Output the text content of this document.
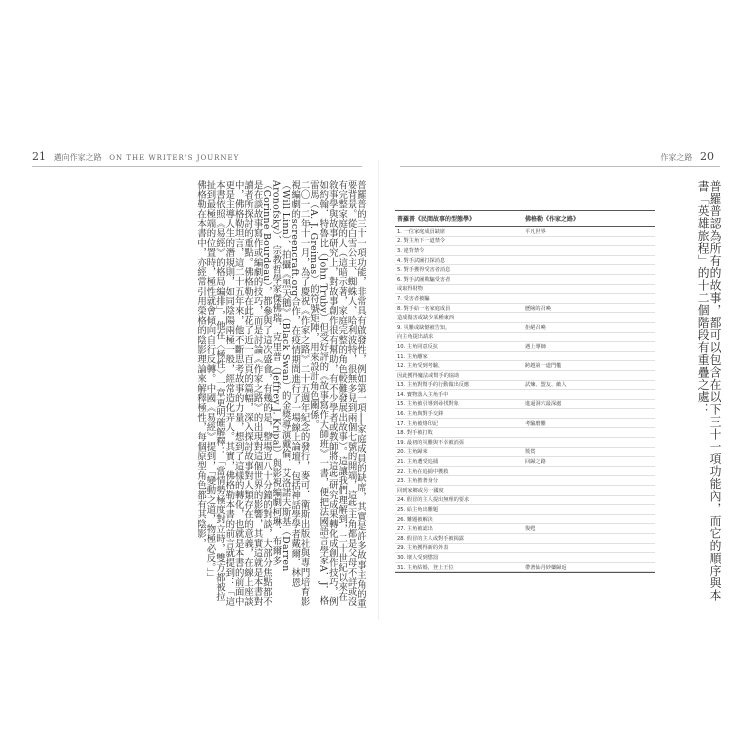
21 邁向作家之路 ON THE WRITER'S JOURNEY
普羅普的三十一項功能，非常具有啟發性，例如第一項──家庭成員的缺席，其實是許多故事主角的重要背景。從白雪公主、蜘蛛人、哈利波特，很無多見到兩個七號的開端，這些主角都是父母不詳或沒有完整家庭的人（這暗示著，家庭完整的角色較難發展出故事）。這讓我們理解到，二十世紀以來在敘事學與故事研究上，對故事創作很有幫助，有不少學者或教師將這些研究成果轉化成創作技巧，例如約翰．特魯比（John Truby）但受好評的《故事寫作大師班》一書，便把法國語言學家A．J．格雷馬（A. J. Greimas）的符號矩陣，用來設計角色關係。
二〇一二年十一月，為了慶祝《作家之路》二十五週年紀念的發行，麥可．衛斯出版社與專門培育影視編劇的screencraft.org合作，在疫情期間進行了一場線上論壇，包括神話學學者戴爾．林恩（Will Linn）、拍攝《黑天鵝》（Black Swan）的金獎導演戴倫．艾洛諾夫斯基（Darren Aronofsky）、宗教哲學家傑佛瑞．克里普（Jeffrey J. Kripal）與影視編劇柯琳．布爾多（Corinne Bourdeau），都參與了這次盛會，有幾的是，整場近八十分鐘的對談，大部分焦點都不是在談故事寫作或編劇的技巧，而是討論《作家之路》的出現對這個世界的影響，其實這就是本書對讀者所探討的重點。佛格勒在此花了近一百頁的篇幅，深入探討故事對人類存在的意義，在線上座談中，佛格勒坦言，這二十五年來，他不斷思考故事的力量，想到了這樣的轉化，也就是本書的前面中更是主導人生的潛規則，如同陰陽兩極一般，經常造化弄人。其實，佛格勒本書的前言就提到：「這本書依照《易經》的格局編排」，他在〈極性〉一章更明確解釋：「當情勢極度對立時，雙方都被拉扯到最極端的位置時，極性就會傾向自行反轉。中國《易經》提到，「變動之道，物極必反。」」
佛格勒在本書中，亦經常引用榮格的陰影理論來解釋極性，每個原型角色都有其陰影，
作家之路 20
普羅普認為所有的故事，都可以包含在以下三十一項功能內，而它的順序與本書「英雄旅程」的十二個階段有重疊之處：
普羅普《民間故事的型態學》	佛格勒《作家之路》
1. 一位家庭成員缺席	平凡世界
2. 對主角下一道禁令
3. 違背禁令
4. 對手試圖打探消息
5. 對手獲得受害者消息
6. 對手試圖欺騙受害者
或取得財物
7. 受害者被騙
8. 對手給一名家庭成員	歷險的召喚
造成傷害或缺少某種東西
9. 災難或缺憾被告知，	拒絕召喚
向主角提出請求
10. 主角同意反抗	遇上導師
11. 主角離家
12. 主角受到考驗，	跨越第一道門檻
因此獲得魔法或幫手的協助
13. 主角對幫手的行動做出反應	試煉、盟友、敵人
14. 寶物落入主角手中
15. 主角被引導到尋找對象	進逼洞穴最深處
16. 主角與對手交鋒
17. 主角被烙印記	考驗磨難
18. 對手被打敗
19. 最初的災難與不幸被消弭
20. 主角歸來	獎賞
21. 主角遭受追捕	回歸之路
22. 主角在追捕中獲救
23. 主角擔著身分
回到家鄉或另一國度
24. 假冒的主人提出無理的要求
25. 給主角出難題
26. 難題被解決
27. 主角被認出	復甦
28. 假冒的主人或對手被揭露
29. 主角獲得新的外表
30. 壞人受到懲罰
31. 主角結婚，登上王位	帶著仙丹妙藥歸返
